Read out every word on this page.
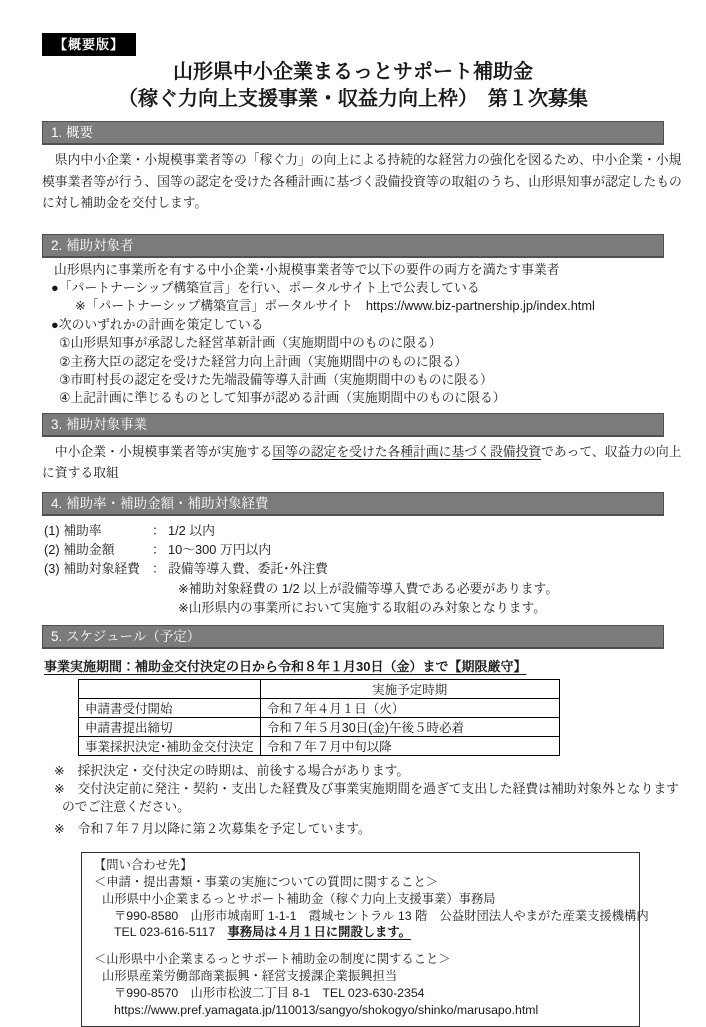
【概要版】
山形県中小企業まるっとサポート補助金
（稼ぐ力向上支援事業・収益力向上枠）　第１次募集
1. 概要
　県内中小企業・小規模事業者等の「稼ぐ力」の向上による持続的な経営力の強化を図るため、中小企業・小規
模事業者等が行う、国等の認定を受けた各種計画に基づく設備投資等の取組のうち、山形県知事が認定したもの
に対し補助金を交付します。
2. 補助対象者
山形県内に事業所を有する中小企業･小規模事業者等で以下の要件の両方を満たす事業者
●「パートナーシップ構築宣言」を行い、ポータルサイト上で公表している
※「パートナーシップ構築宣言」ポータルサイト　https://www.biz-partnership.jp/index.html
●次のいずれかの計画を策定している
①山形県知事が承認した経営革新計画（実施期間中のものに限る）
②主務大臣の認定を受けた経営力向上計画（実施期間中のものに限る）
③市町村長の認定を受けた先端設備等導入計画（実施期間中のものに限る）
④上記計画に準じるものとして知事が認める計画（実施期間中のものに限る）
3. 補助対象事業
　中小企業・小規模事業者等が実施する国等の認定を受けた各種計画に基づく設備投資であって、収益力の向上
に資する取組
4. 補助率・補助金額・補助対象経費
(1) 補助率	： 1/2 以内
(2) 補助金額	： 10～300 万円以内
(3) 補助対象経費 ： 設備等導入費、委託･外注費
※補助対象経費の 1/2 以上が設備等導入費である必要があります。
※山形県内の事業所において実施する取組のみ対象となります。
5. スケジュール（予定）
事業実施期間：補助金交付決定の日から令和８年１月30日（金）まで【期限厳守】
	実施予定時期
申請書受付開始	令和７年４月１日（火）
申請書提出締切	令和７年５月30日(金)午後５時必着
事業採択決定･補助金交付決定	令和７年７月中旬以降
※　採択決定・交付決定の時期は、前後する場合があります。
※　交付決定前に発注・契約・支出した経費及び事業実施期間を過ぎて支出した経費は補助対象外となります
のでご注意ください。
※　令和７年７月以降に第２次募集を予定しています。
【問い合わせ先】
＜申請・提出書類・事業の実施についての質問に関すること＞
山形県中小企業まるっとサポート補助金（稼ぐ力向上支援事業）事務局
〒990-8580　山形市城南町 1-1-1　霞城セントラル 13 階　公益財団法人やまがた産業支援機構内
TEL 023-616-5117　事務局は４月１日に開設します。
＜山形県中小企業まるっとサポート補助金の制度に関すること＞
山形県産業労働部商業振興・経営支援課企業振興担当
〒990-8570　山形市松波二丁目 8-1　TEL 023-630-2354
https://www.pref.yamagata.jp/110013/sangyo/shokogyo/shinko/marusapo.html
